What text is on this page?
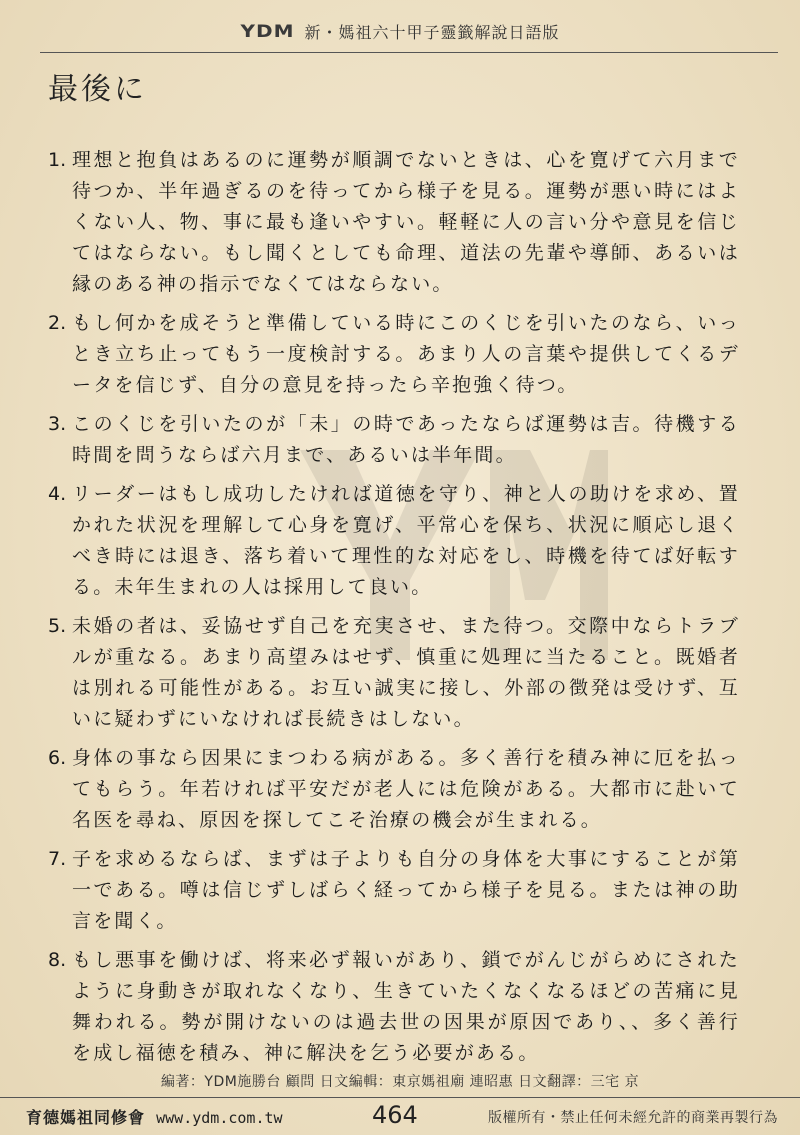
YDM 新・媽祖六十甲子靈籤解說日語版
最後に
1. 理想と抱負はあるのに運勢が順調でないときは、心を寛げて六月まで待つか、半年過ぎるのを待ってから様子を見る。運勢が悪い時にはよくない人、物、事に最も逢いやすい。軽軽に人の言い分や意見を信じてはならない。もし聞くとしても命理、道法の先輩や導師、あるいは縁のある神の指示でなくてはならない。
2. もし何かを成そうと準備している時にこのくじを引いたのなら、いっとき立ち止ってもう一度検討する。あまり人の言葉や提供してくるデータを信じず、自分の意見を持ったら辛抱強く待つ。
3. このくじを引いたのが「未」の時であったならば運勢は吉。待機する時間を問うならば六月まで、あるいは半年間。
4. リーダーはもし成功したければ道徳を守り、神と人の助けを求め、置かれた状況を理解して心身を寛げ、平常心を保ち、状況に順応し退くべき時には退き、落ち着いて理性的な対応をし、時機を待てば好転する。未年生まれの人は採用して良い。
5. 未婚の者は、妥協せず自己を充実させ、また待つ。交際中ならトラブルが重なる。あまり高望みはせず、慎重に処理に当たること。既婚者は別れる可能性がある。お互い誠実に接し、外部の徴発は受けず、互いに疑わずにいなければ長続きはしない。
6. 身体の事なら因果にまつわる病がある。多く善行を積み神に厄を払ってもらう。年若ければ平安だが老人には危険がある。大都市に赴いて名医を尋ね、原因を探してこそ治療の機会が生まれる。
7. 子を求めるならば、まずは子よりも自分の身体を大事にすることが第一である。噂は信じずしばらく経ってから様子を見る。または神の助言を聞く。
8. もし悪事を働けば、将来必ず報いがあり、鎖でがんじがらめにされたように身動きが取れなくなり、生きていたくなくなるほどの苦痛に見舞われる。勢が開けないのは過去世の因果が原因であり、、多く善行を成し福徳を積み、神に解決を乞う必要がある。
編著：YDM施勝台 顧問 日文編輯：東京媽祖廟 連昭惠 日文翻譯：三宅 京
育德媽祖同修會 www.ydm.com.tw	464	版權所有・禁止任何未經允許的商業再製行為
